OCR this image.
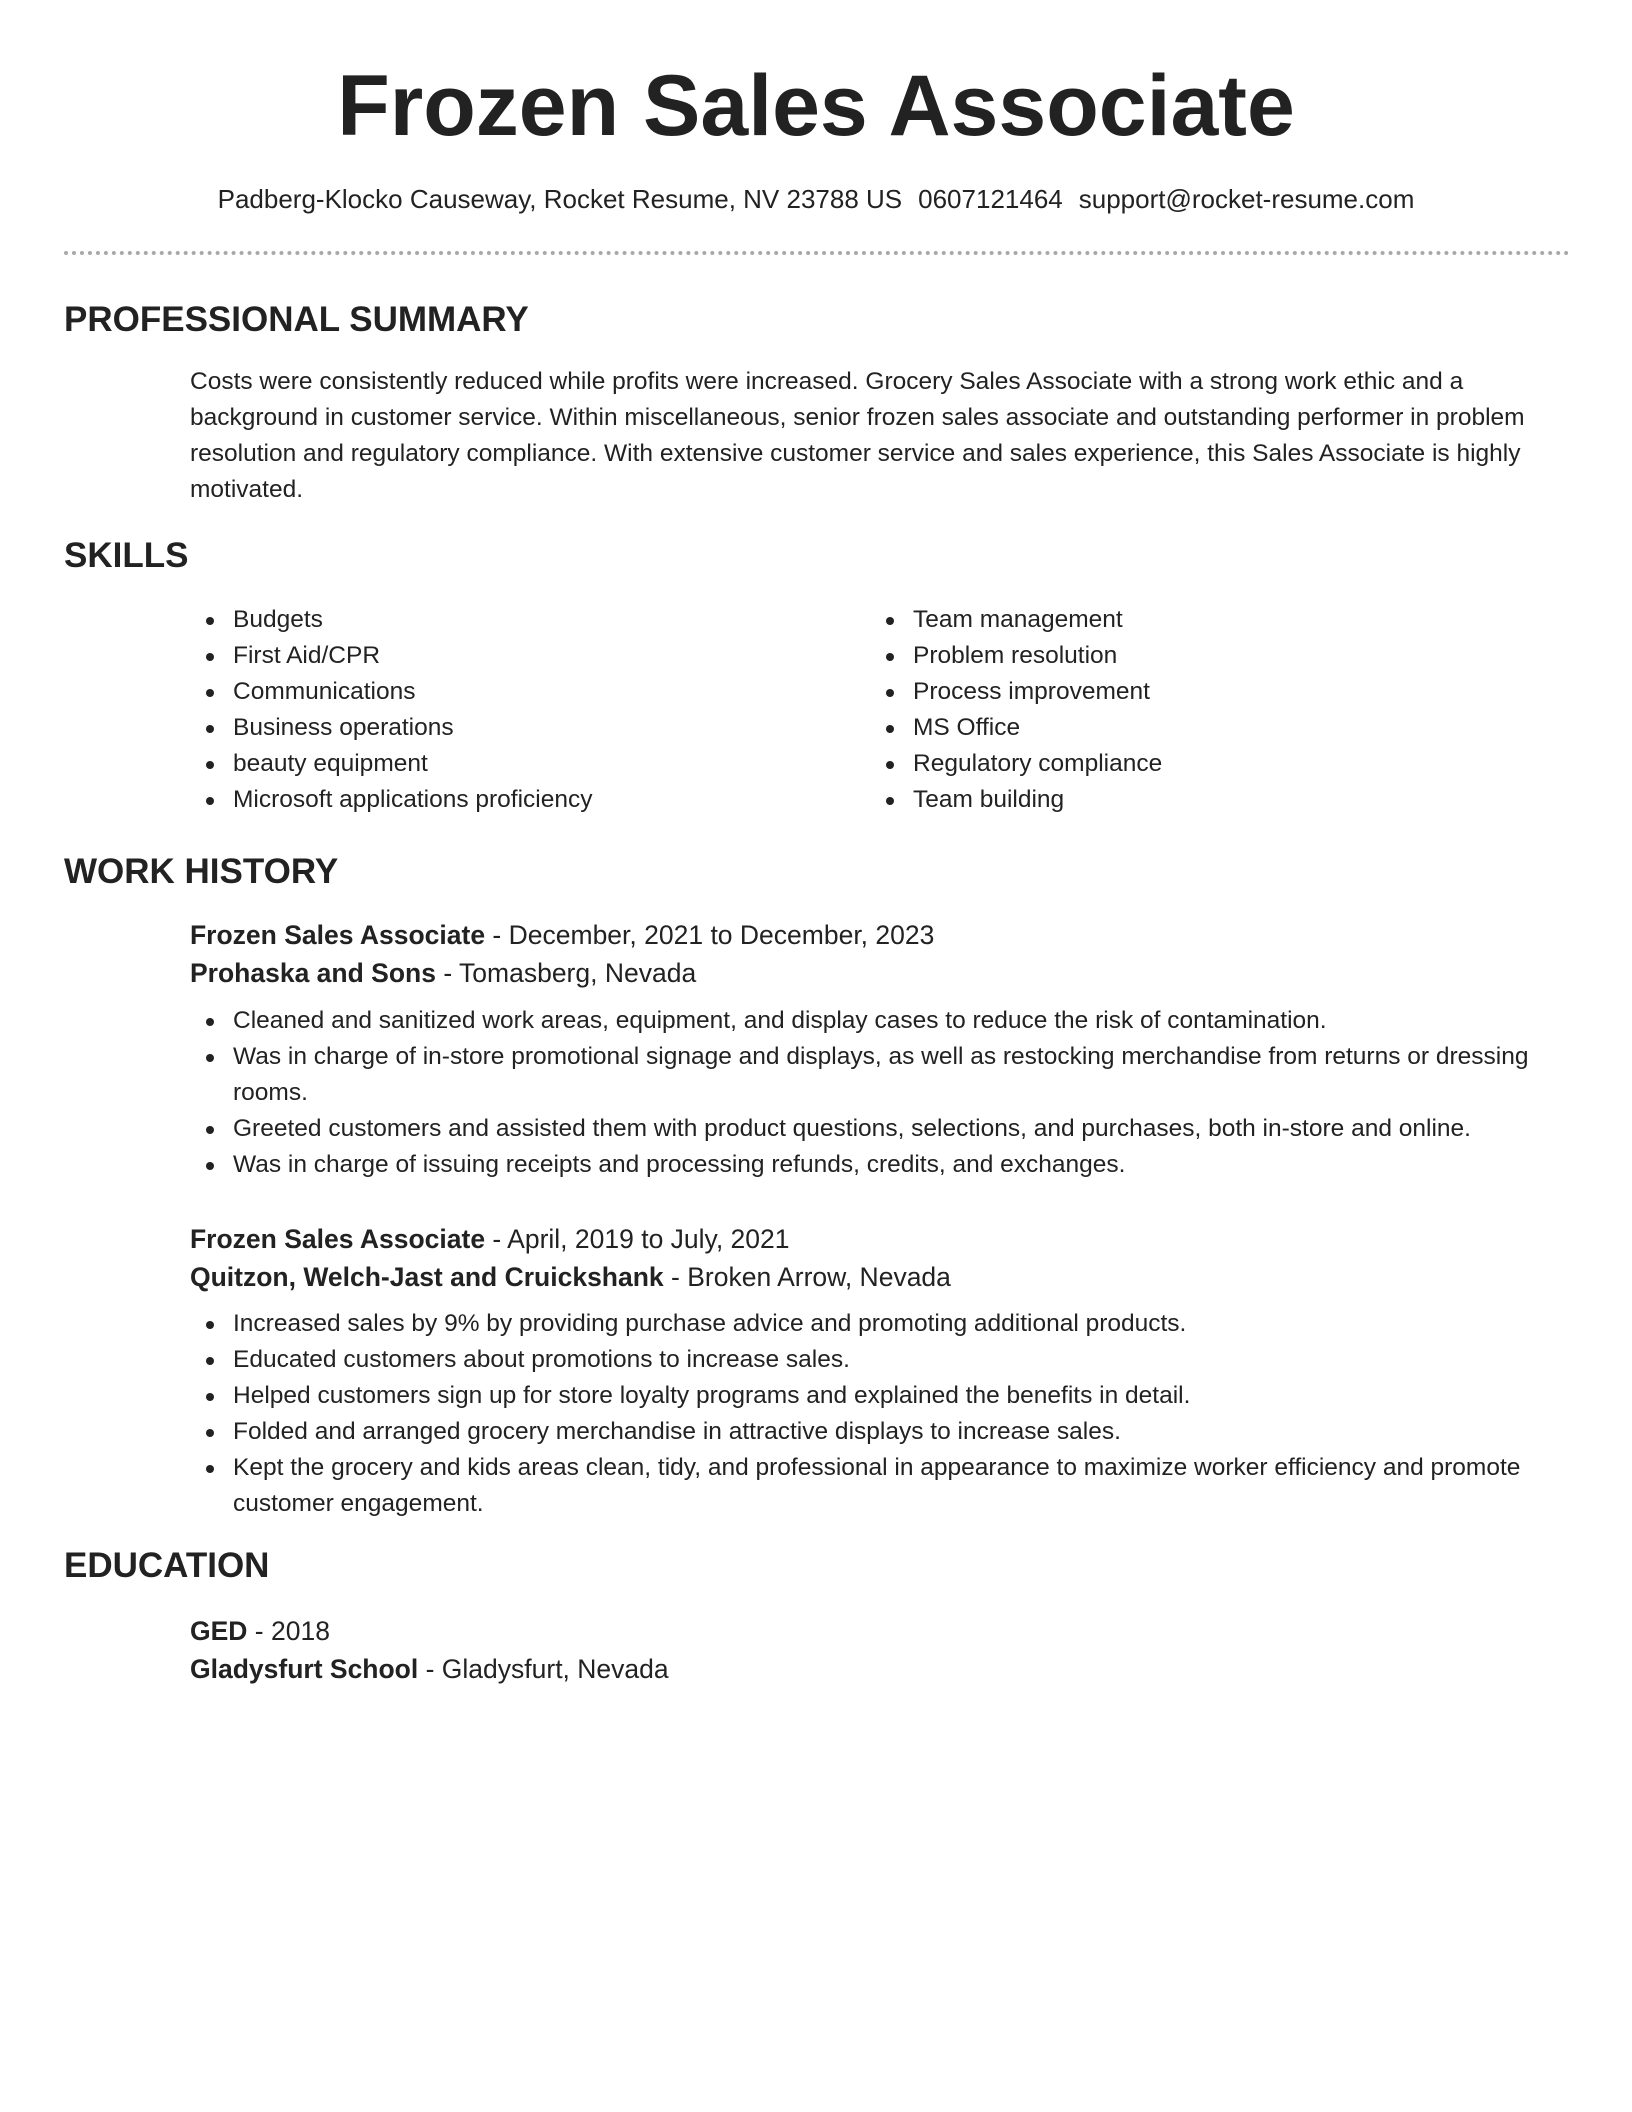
Frozen Sales Associate
Padberg-Klocko Causeway, Rocket Resume, NV 23788 US 0607121464 support@rocket-resume.com
PROFESSIONAL SUMMARY
Costs were consistently reduced while profits were increased. Grocery Sales Associate with a strong work ethic and a background in customer service. Within miscellaneous, senior frozen sales associate and outstanding performer in problem resolution and regulatory compliance. With extensive customer service and sales experience, this Sales Associate is highly motivated.
SKILLS
Budgets
First Aid/CPR
Communications
Business operations
beauty equipment
Microsoft applications proficiency
Team management
Problem resolution
Process improvement
MS Office
Regulatory compliance
Team building
WORK HISTORY
Frozen Sales Associate - December, 2021 to December, 2023
Prohaska and Sons - Tomasberg, Nevada
Cleaned and sanitized work areas, equipment, and display cases to reduce the risk of contamination.
Was in charge of in-store promotional signage and displays, as well as restocking merchandise from returns or dressing rooms.
Greeted customers and assisted them with product questions, selections, and purchases, both in-store and online.
Was in charge of issuing receipts and processing refunds, credits, and exchanges.
Frozen Sales Associate - April, 2019 to July, 2021
Quitzon, Welch-Jast and Cruickshank - Broken Arrow, Nevada
Increased sales by 9% by providing purchase advice and promoting additional products.
Educated customers about promotions to increase sales.
Helped customers sign up for store loyalty programs and explained the benefits in detail.
Folded and arranged grocery merchandise in attractive displays to increase sales.
Kept the grocery and kids areas clean, tidy, and professional in appearance to maximize worker efficiency and promote customer engagement.
EDUCATION
GED - 2018
Gladysfurt School - Gladysfurt, Nevada
